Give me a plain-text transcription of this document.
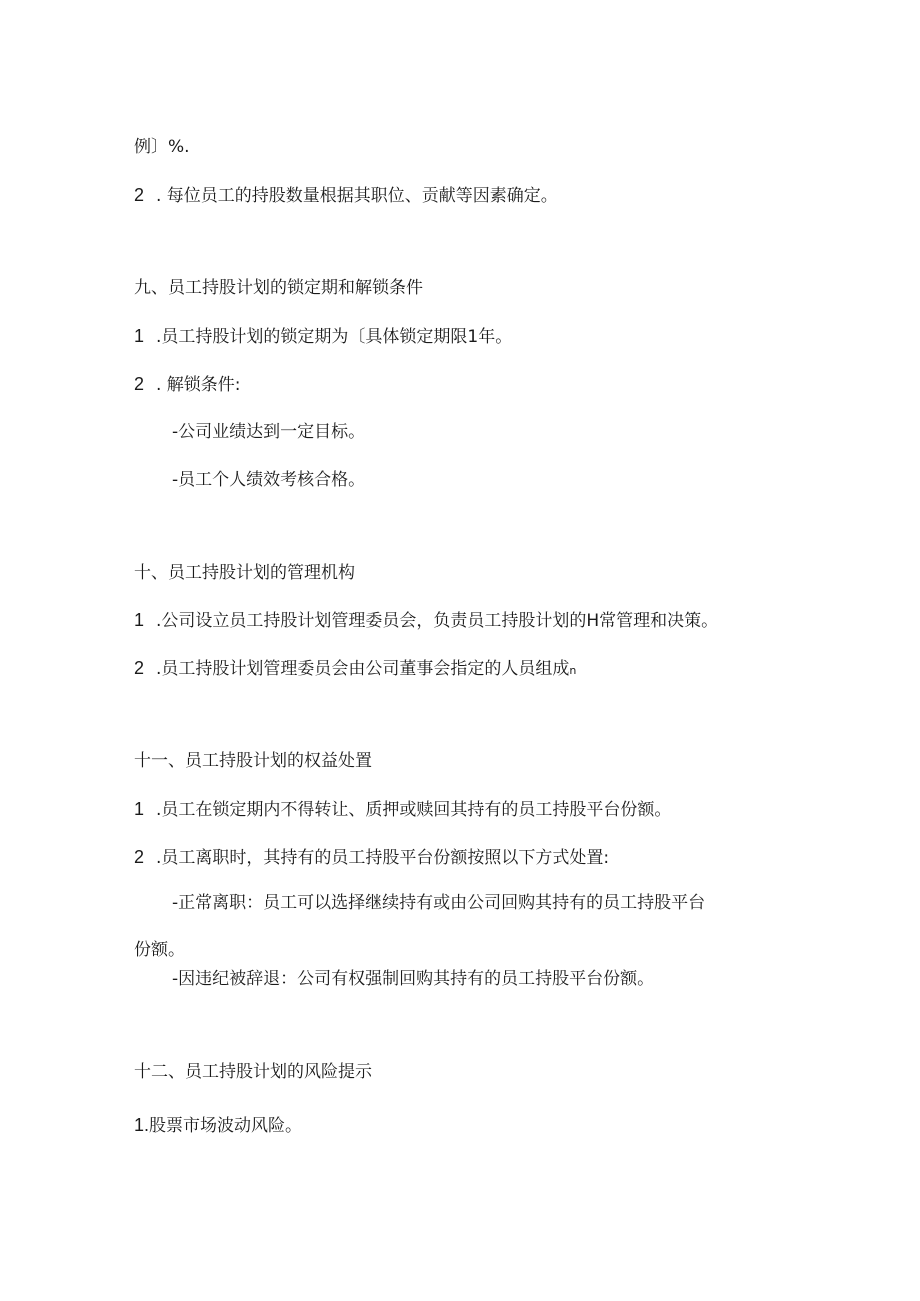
例〕%.

2 . 每位员工的持股数量根据其职位、贡献等因素确定。

九、员工持股计划的锁定期和解锁条件

1 .员工持股计划的锁定期为〔具体锁定期限1年。

2 . 解锁条件:

-公司业绩达到一定目标。

-员工个人绩效考核合格。

十、员工持股计划的管理机构

1 .公司设立员工持股计划管理委员会，负责员工持股计划的H常管理和决策。

2 .员工持股计划管理委员会由公司董事会指定的人员组成n

十一、员工持股计划的权益处置

1 .员工在锁定期内不得转让、质押或赎回其持有的员工持股平台份额。

2 .员工离职时，其持有的员工持股平台份额按照以下方式处置:

-正常离职：员工可以选择继续持有或由公司回购其持有的员工持股平台

份额。

-因违纪被辞退：公司有权强制回购其持有的员工持股平台份额。

十二、员工持股计划的风险提示

1.股票市场波动风险。
